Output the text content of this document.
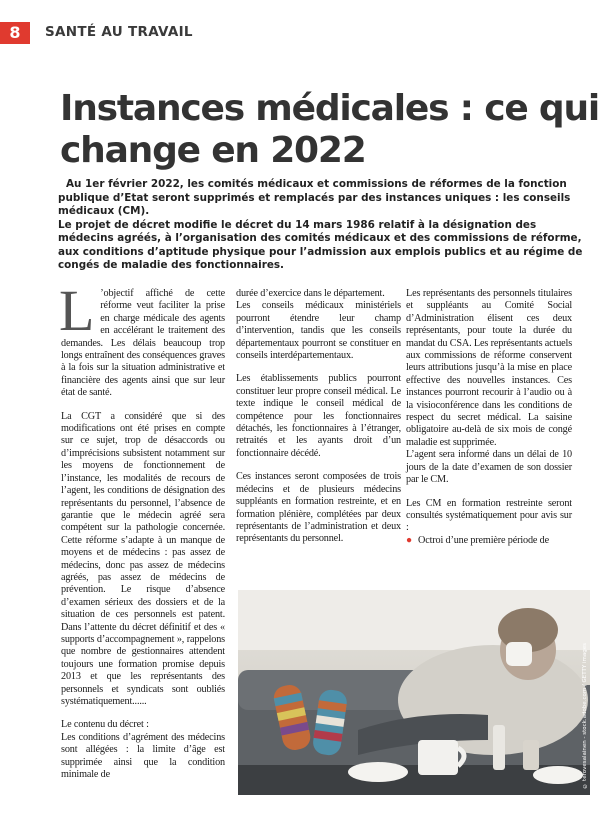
8	SANTÉ AU TRAVAIL
Instances médicales : ce qui
change en 2022

Au 1er février 2022, les comités médicaux et commissions de réformes de la fonction publique d’Etat seront supprimés et remplacés par des instances uniques : les conseils médicaux (CM).

Le projet de décret modifie le décret du 14 mars 1986 relatif à la désignation des médecins agréés, à l’organisation des comités médicaux et des commissions de réforme, aux conditions d’aptitude physique pour l’admission aux emplois publics et au régime de congés de maladie des fonctionnaires.

L ’objectif affiché de cette réforme veut faciliter la prise en charge médicale des agents en accélérant le traitement des demandes. Les délais beaucoup trop longs entraînent des conséquences graves à la fois sur la situation administrative et financière des agents ainsi que sur leur état de santé.

La CGT a considéré que si des modifications ont été prises en compte sur ce sujet, trop de désaccords ou d’imprécisions subsistent notamment sur les moyens de fonctionnement de l’instance, les modalités de recours de l’agent, les conditions de désignation des représentants du personnel, l’absence de garantie que le médecin agréé sera compétent sur la pathologie concernée. Cette réforme s’adapte à un manque de moyens et de médecins : pas assez de médecins, donc pas assez de médecins agréés, pas assez de médecins de prévention. Le risque d’absence d’examen sérieux des dossiers et de la situation de ces personnels est patent. Dans l’attente du décret définitif et des « supports d’accompagnement », rappelons que nombre de gestionnaires attendent toujours une formation promise depuis 2013 et que les représentants des personnels et syndicats sont oubliés systématiquement......

Le contenu du décret :

Les conditions d’agrément des médecins sont allégées : la limite d’âge est supprimée ainsi que la condition minimale de

durée d’exercice dans le département.

Les conseils médicaux ministériels pourront étendre leur champ d’intervention, tandis que les conseils départementaux pourront se constituer en conseils interdépartementaux.

Les établissements publics pourront constituer leur propre conseil médical. Le texte indique le conseil médical de compétence pour les fonctionnaires détachés, les fonctionnaires à l’étranger, retraités et les ayants droit d’un fonctionnaire décédé.

Ces instances seront composées de trois médecins et de plusieurs médecins suppléants en formation restreinte, et en formation plénière, complétées par deux représentants de l’administration et deux représentants du personnel.

Les représentants des personnels titulaires et suppléants au Comité Social d’Administration élisent ces deux représentants, pour toute la durée du mandat du CSA. Les représentants actuels aux commissions de réforme conservent leurs attributions jusqu’à la mise en place effective des nouvelles instances. Ces instances pourront recourir à l’audio ou à la visioconférence dans les conditions de respect du secret médical. La saisine obligatoire au-delà de six mois de congé maladie est supprimée.

L’agent sera informé dans un délai de 10 jours de la date d’examen de son dossier par le CM.

Les CM en formation restreinte seront consultés systématiquement pour avis sur :

● Octroi d’une première période de
© terovesalainen - stock.adobe.com / GETTY images
